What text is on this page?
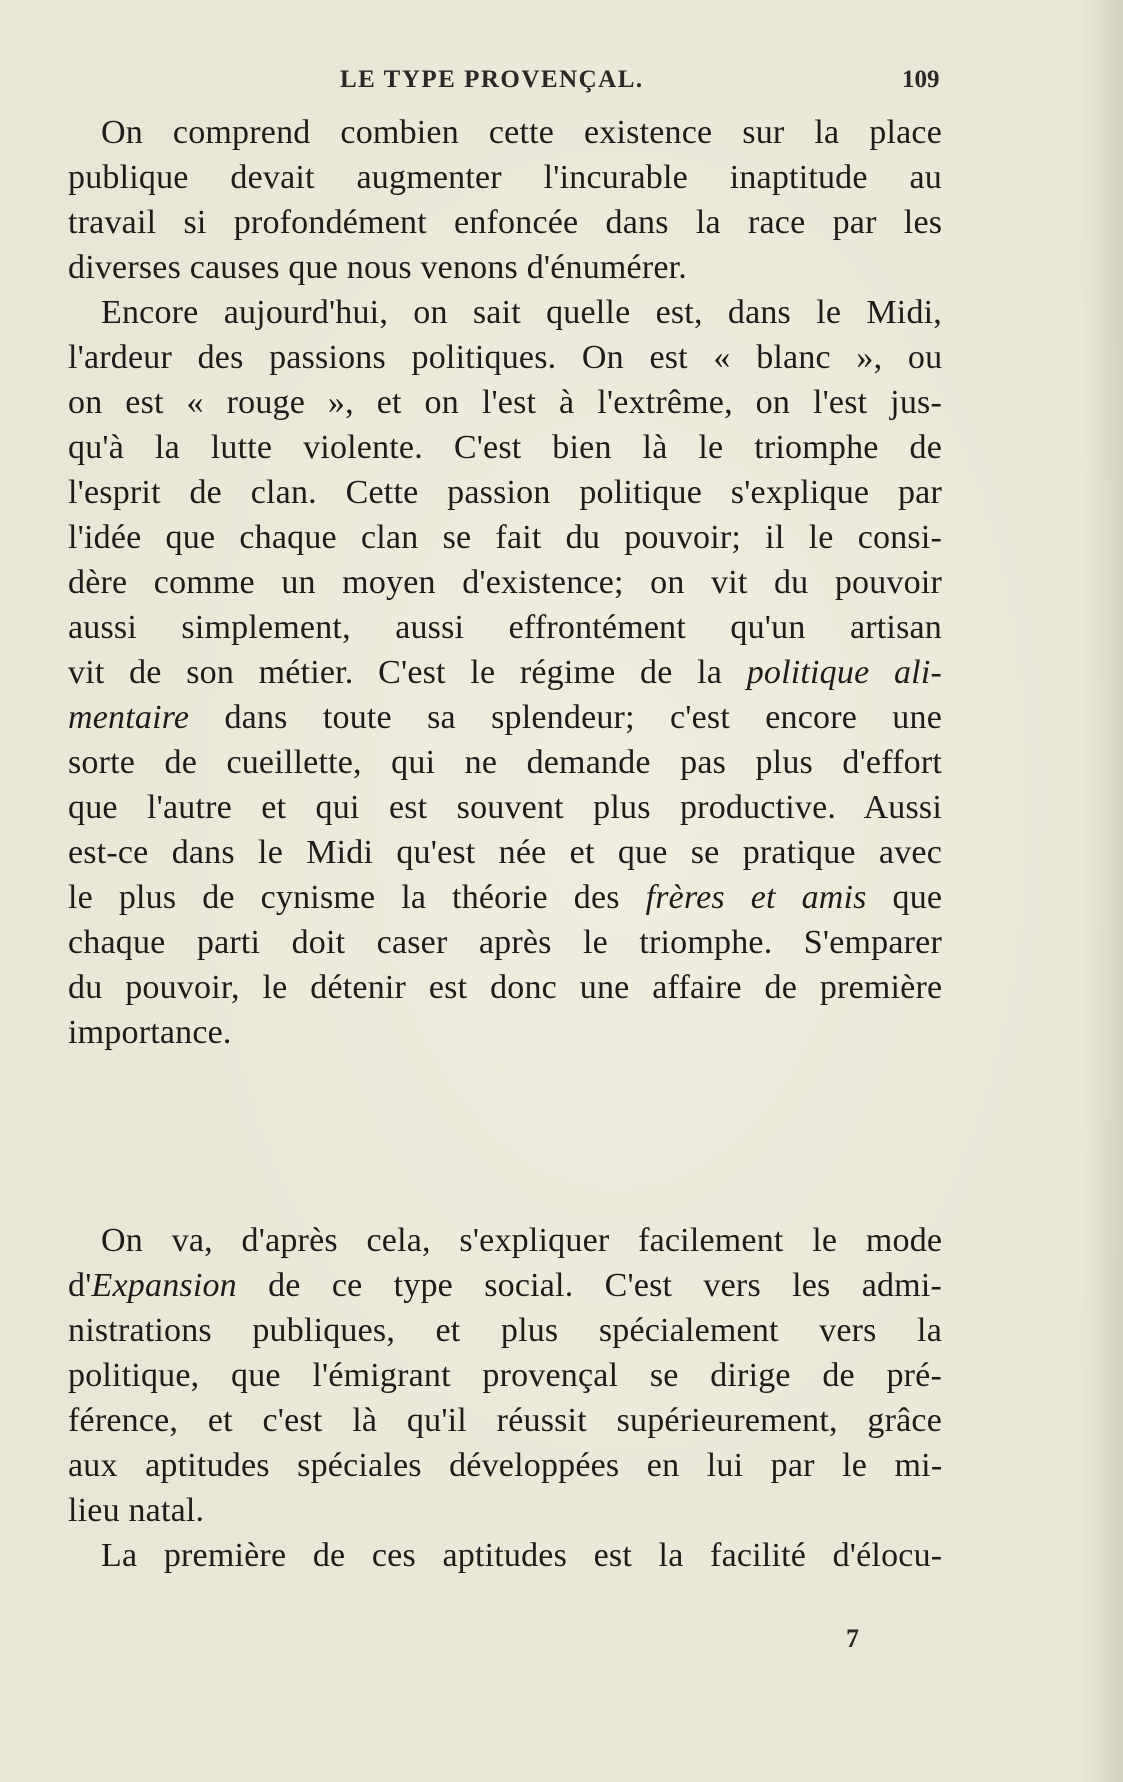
LE TYPE PROVENÇAL.	109
On comprend combien cette existence sur la place
publique devait augmenter l'incurable inaptitude au
travail si profondément enfoncée dans la race par les
diverses causes que nous venons d'énumérer.
Encore aujourd'hui, on sait quelle est, dans le Midi,
l'ardeur des passions politiques. On est « blanc », ou
on est « rouge », et on l'est à l'extrême, on l'est jus-
qu'à la lutte violente. C'est bien là le triomphe de
l'esprit de clan. Cette passion politique s'explique par
l'idée que chaque clan se fait du pouvoir; il le consi-
dère comme un moyen d'existence; on vit du pouvoir
aussi simplement, aussi effrontément qu'un artisan
vit de son métier. C'est le régime de la politique ali-
mentaire dans toute sa splendeur; c'est encore une
sorte de cueillette, qui ne demande pas plus d'effort
que l'autre et qui est souvent plus productive. Aussi
est-ce dans le Midi qu'est née et que se pratique avec
le plus de cynisme la théorie des frères et amis que
chaque parti doit caser après le triomphe. S'emparer
du pouvoir, le détenir est donc une affaire de première
importance.
On va, d'après cela, s'expliquer facilement le mode
d'Expansion de ce type social. C'est vers les admi-
nistrations publiques, et plus spécialement vers la
politique, que l'émigrant provençal se dirige de pré-
férence, et c'est là qu'il réussit supérieurement, grâce
aux aptitudes spéciales développées en lui par le mi-
lieu natal.
La première de ces aptitudes est la facilité d'élocu-
7
